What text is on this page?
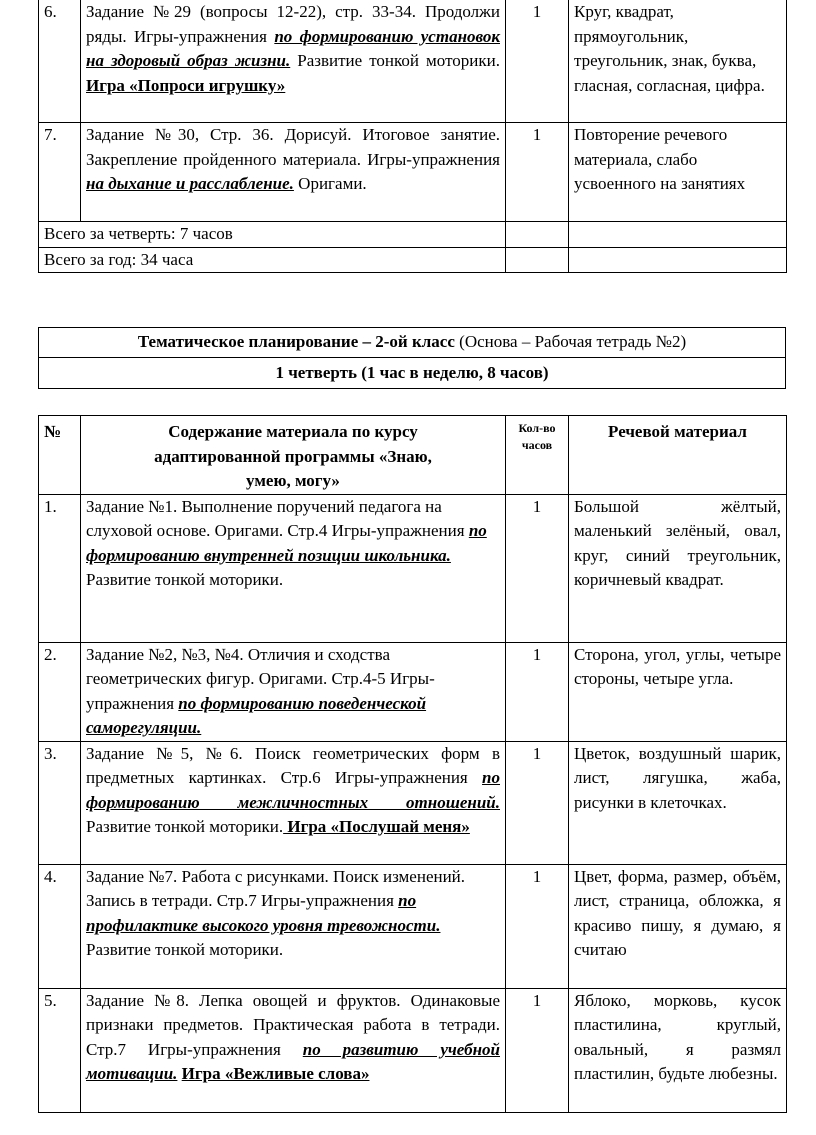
6.	Задание №29 (вопросы 12-22), стр. 33-34. Продолжи ряды. Игры-упражнения по формированию установок на здоровый образ жизни. Развитие тонкой моторики. Игра «Попроси игрушку»	1	Круг, квадрат, прямоугольник, треугольник, знак, буква, гласная, согласная, цифра.
7.	Задание №30, Стр. 36. Дорисуй. Итоговое занятие. Закрепление пройденного материала. Игры-упражнения на дыхание и расслабление. Оригами.	1	Повторение речевого материала, слабо усвоенного на занятиях
Всего за четверть: 7 часов			
Всего за год: 34 часа			
Тематическое планирование – 2-ой класс (Основа – Рабочая тетрадь №2)
1 четверть (1 час в неделю, 8 часов)
№	Содержание материала по курсу адаптированной программы «Знаю, умею, могу»	Кол-во часов	Речевой материал
1.	Задание №1. Выполнение поручений педагога на слуховой основе. Оригами. Стр.4 Игры-упражнения по формированию внутренней позиции школьника. Развитие тонкой моторики.	1	Большой жёлтый, маленький зелёный, овал, круг, синий треугольник, коричневый квадрат.
2.	Задание №2, №3, №4. Отличия и сходства геометрических фигур. Оригами. Стр.4-5 Игры-упражнения по формированию поведенческой саморегуляции.	1	Сторона, угол, углы, четыре стороны, четыре угла.
3.	Задание №5, №6. Поиск геометрических форм в предметных картинках. Стр.6 Игры-упражнения по формированию межличностных отношений. Развитие тонкой моторики. Игра «Послушай меня»	1	Цветок, воздушный шарик, лист, лягушка, жаба, рисунки в клеточках.
4.	Задание №7. Работа с рисунками. Поиск изменений. Запись в тетради. Стр.7 Игры-упражнения по профилактике высокого уровня тревожности. Развитие тонкой моторики.	1	Цвет, форма, размер, объём, лист, страница, обложка, я красиво пишу, я думаю, я считаю
5.	Задание №8. Лепка овощей и фруктов. Одинаковые признаки предметов. Практическая работа в тетради. Стр.7 Игры-упражнения по развитию учебной мотивации. Игра «Вежливые слова»	1	Яблоко, морковь, кусок пластилина, круглый, овальный, я размял пластилин, будьте любезны.
